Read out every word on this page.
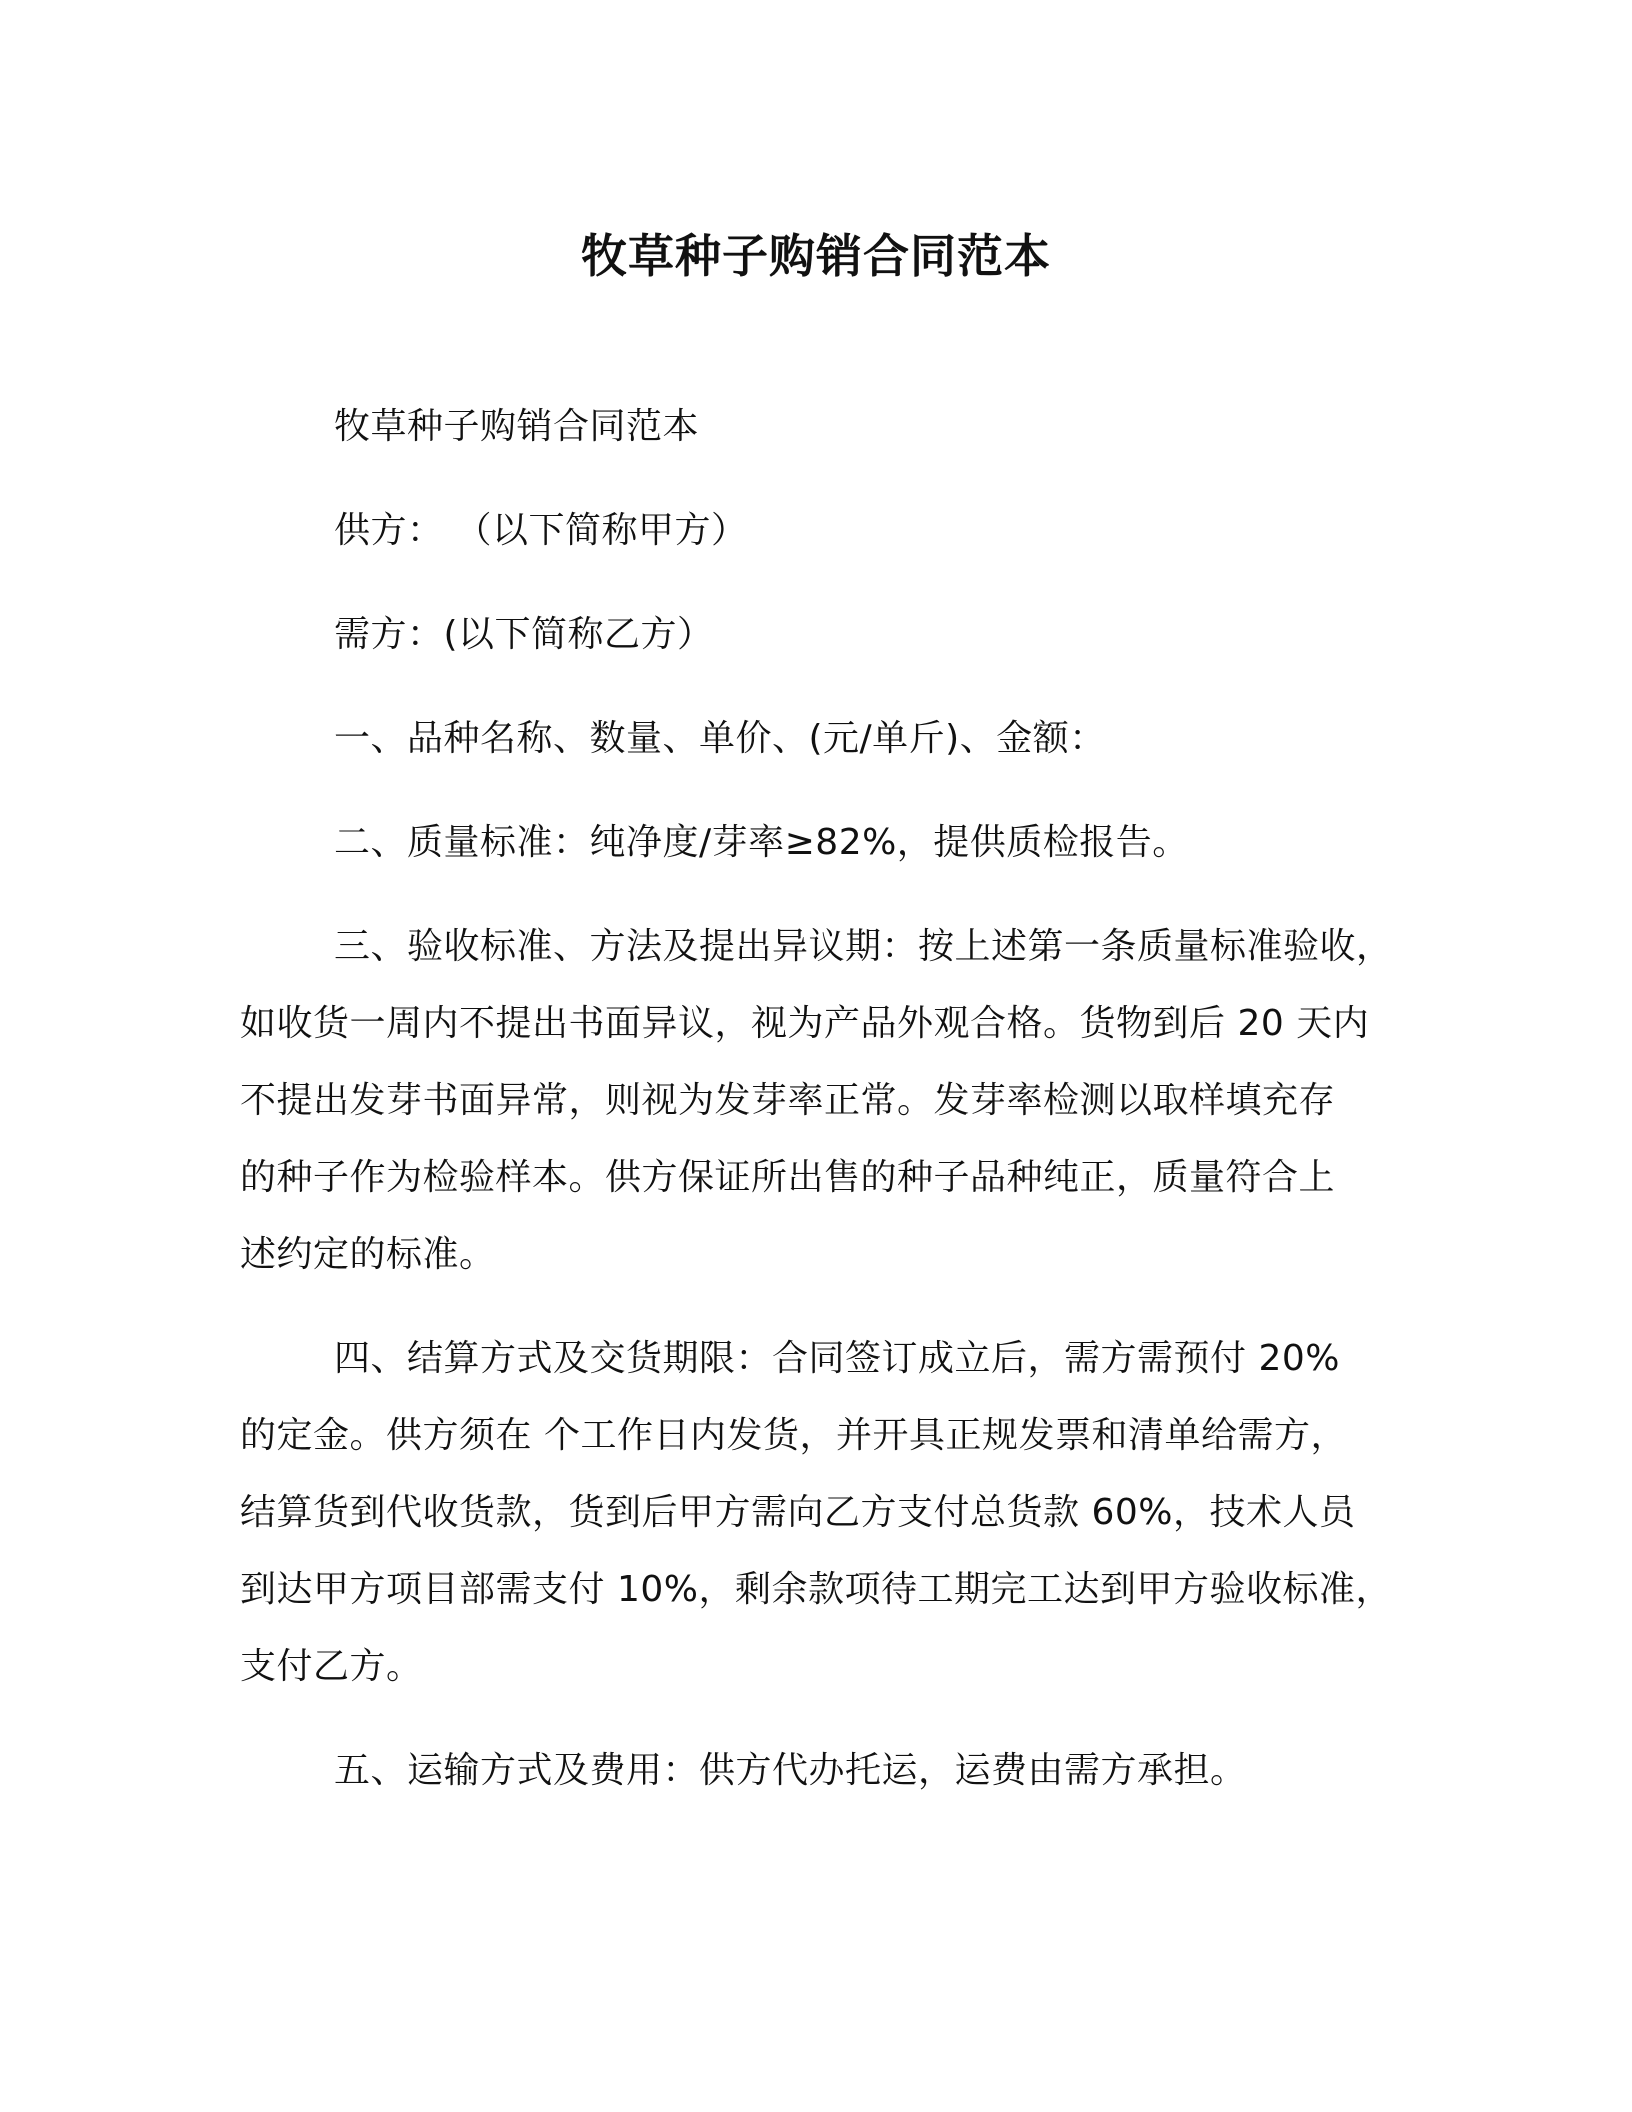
牧草种子购销合同范本
牧草种子购销合同范本
供方： （以下简称甲方）
需方：(以下简称乙方）
一、品种名称、数量、单价、(元/单斤)、金额：
二、质量标准：纯净度/芽率≥82%，提供质检报告。
三、验收标准、方法及提出异议期：按上述第一条质量标准验收，
如收货一周内不提出书面异议，视为产品外观合格。货物到后 20 天内
不提出发芽书面异常，则视为发芽率正常。发芽率检测以取样填充存
的种子作为检验样本。供方保证所出售的种子品种纯正，质量符合上
述约定的标准。
四、结算方式及交货期限：合同签订成立后，需方需预付 20%
的定金。供方须在 个工作日内发货，并开具正规发票和清单给需方，
结算货到代收货款，货到后甲方需向乙方支付总货款 60%，技术人员
到达甲方项目部需支付 10%，剩余款项待工期完工达到甲方验收标准，
支付乙方。
五、运输方式及费用：供方代办托运，运费由需方承担。
